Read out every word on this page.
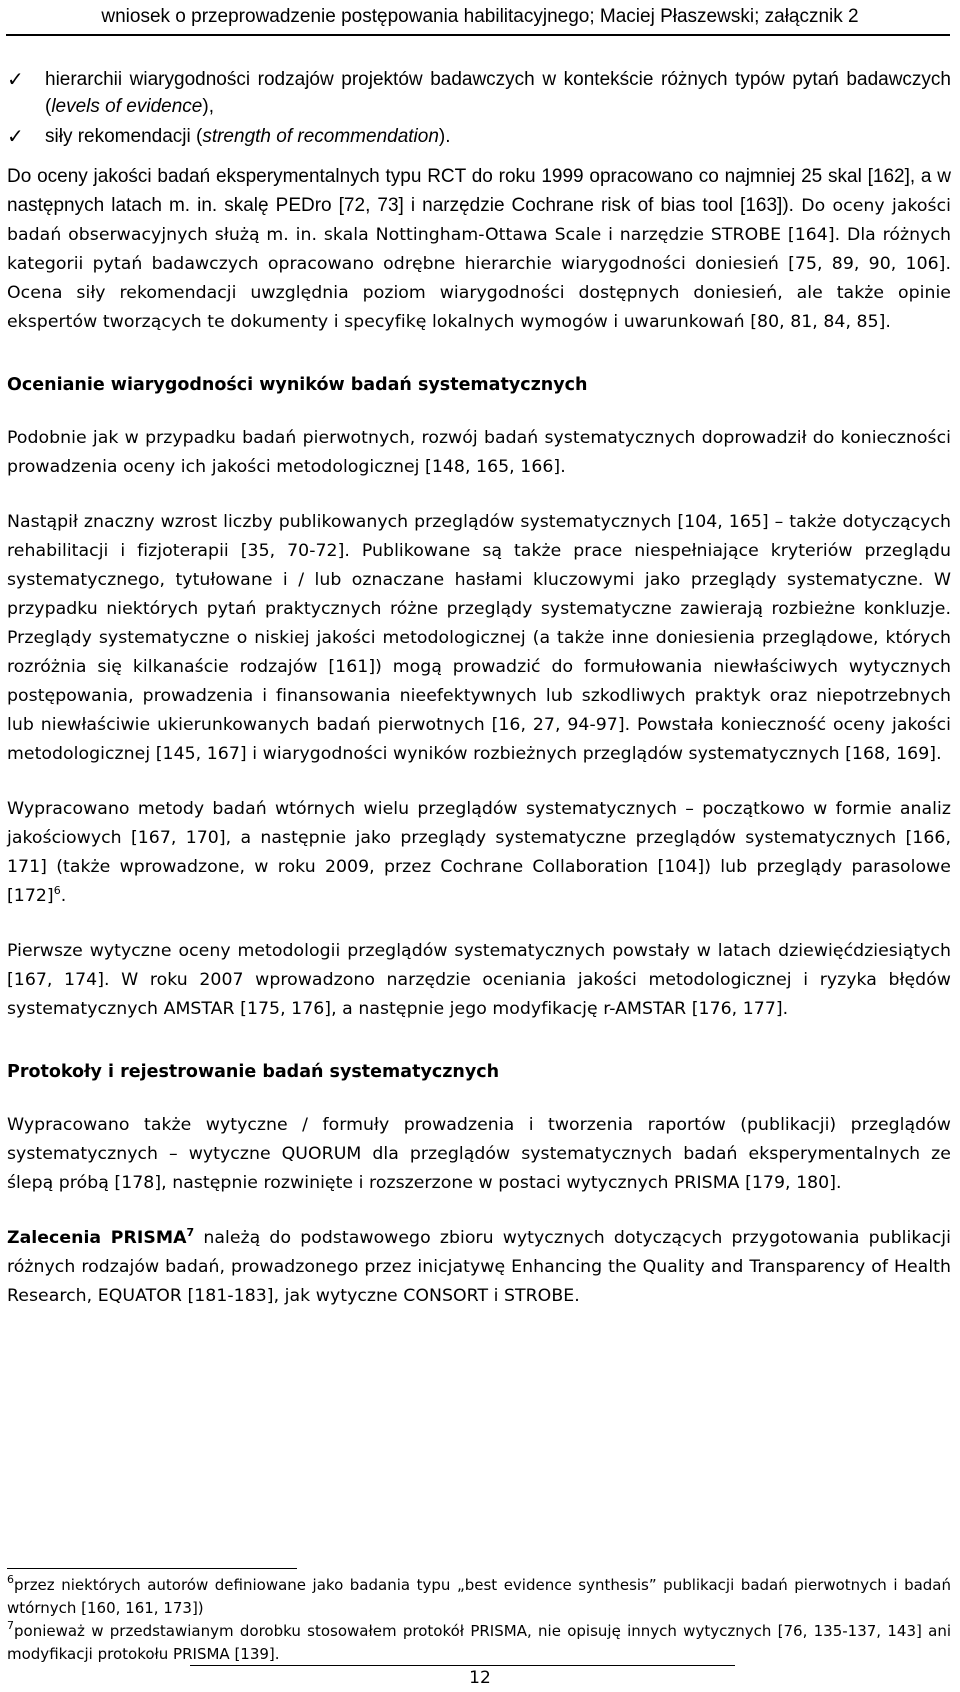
wniosek o przeprowadzenie postępowania habilitacyjnego; Maciej Płaszewski; załącznik 2
✓	hierarchii wiarygodności rodzajów projektów badawczych w kontekście różnych typów pytań badawczych (levels of evidence),
✓	siły rekomendacji (strength of recommendation).

Do oceny jakości badań eksperymentalnych typu RCT do roku 1999 opracowano co najmniej 25 skal [162], a w następnych latach m. in. skalę PEDro [72, 73] i narzędzie Cochrane risk of bias tool [163]). Do oceny jakości badań obserwacyjnych służą m. in. skala Nottingham-Ottawa Scale i narzędzie STROBE [164]. Dla różnych kategorii pytań badawczych opracowano odrębne hierarchie wiarygodności doniesień [75, 89, 90, 106]. Ocena siły rekomendacji uwzględnia poziom wiarygodności dostępnych doniesień, ale także opinie ekspertów tworzących te dokumenty i specyfikę lokalnych wymogów i uwarunkowań [80, 81, 84, 85].

Ocenianie wiarygodności wyników badań systematycznych

Podobnie jak w przypadku badań pierwotnych, rozwój badań systematycznych doprowadził do konieczności prowadzenia oceny ich jakości metodologicznej [148, 165, 166].

Nastąpił znaczny wzrost liczby publikowanych przeglądów systematycznych [104, 165] – także dotyczących rehabilitacji i fizjoterapii [35, 70-72]. Publikowane są także prace niespełniające kryteriów przeglądu systematycznego, tytułowane i / lub oznaczane hasłami kluczowymi jako przeglądy systematyczne. W przypadku niektórych pytań praktycznych różne przeglądy systematyczne zawierają rozbieżne konkluzje. Przeglądy systematyczne o niskiej jakości metodologicznej (a także inne doniesienia przeglądowe, których rozróżnia się kilkanaście rodzajów [161]) mogą prowadzić do formułowania niewłaściwych wytycznych postępowania, prowadzenia i finansowania nieefektywnych lub szkodliwych praktyk oraz niepotrzebnych lub niewłaściwie ukierunkowanych badań pierwotnych [16, 27, 94-97]. Powstała konieczność oceny jakości metodologicznej [145, 167] i wiarygodności wyników rozbieżnych przeglądów systematycznych [168, 169].

Wypracowano metody badań wtórnych wielu przeglądów systematycznych – początkowo w formie analiz jakościowych [167, 170], a następnie jako przeglądy systematyczne przeglądów systematycznych [166, 171] (także wprowadzone, w roku 2009, przez Cochrane Collaboration [104]) lub przeglądy parasolowe $[172]^6$.

Pierwsze wytyczne oceny metodologii przeglądów systematycznych powstały w latach dziewięćdziesiątych [167, 174]. W roku 2007 wprowadzono narzędzie oceniania jakości metodologicznej i ryzyka błędów systematycznych AMSTAR [175, 176], a następnie jego modyfikację r-AMSTAR [176, 177].

Protokoły i rejestrowanie badań systematycznych

Wypracowano także wytyczne / formuły prowadzenia i tworzenia raportów (publikacji) przeglądów systematycznych – wytyczne QUORUM dla przeglądów systematycznych badań eksperymentalnych ze ślepą próbą [178], następnie rozwinięte i rozszerzone w postaci wytycznych PRISMA [179, 180].

Zalecenia PRISMA$^7$ należą do podstawowego zbioru wytycznych dotyczących przygotowania publikacji różnych rodzajów badań, prowadzonego przez inicjatywę Enhancing the Quality and Transparency of Health Research, EQUATOR [181-183], jak wytyczne CONSORT i STROBE.

$^6$przez niektórych autorów definiowane jako badania typu „best evidence synthesis” publikacji badań pierwotnych i badań wtórnych [160, 161, 173])

$^7$ponieważ w przedstawianym dorobku stosowałem protokół PRISMA, nie opisuję innych wytycznych [76, 135-137, 143] ani modyfikacji protokołu PRISMA [139].

12
